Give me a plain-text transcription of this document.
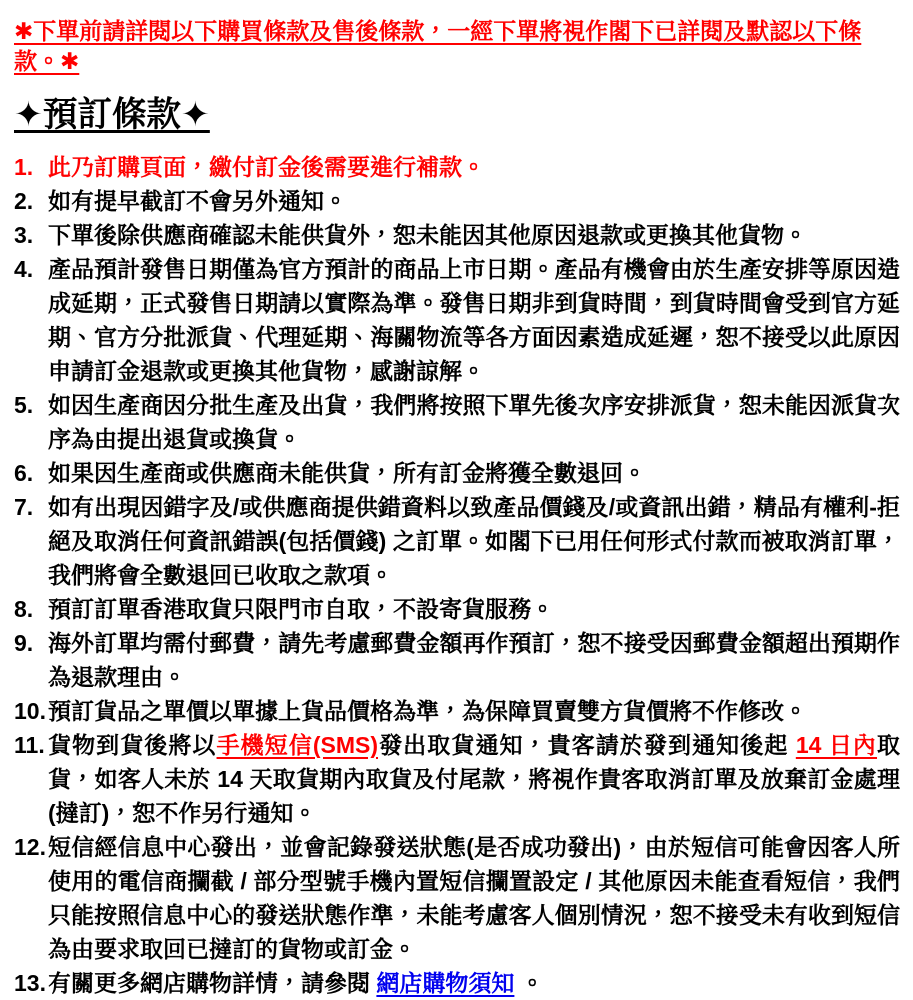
✱下單前請詳閱以下購買條款及售後條款，一經下單將視作閣下已詳閱及默認以下條款。✱

✦預訂條款✦
1. 此乃訂購頁面，繳付訂金後需要進行補款。

2. 如有提早截訂不會另外通知。

3. 下單後除供應商確認未能供貨外，恕未能因其他原因退款或更換其他貨物。

4. 產品預計發售日期僅為官方預計的商品上市日期。產品有機會由於生產安排等原因造成延期，正式發售日期請以實際為準。發售日期非到貨時間，到貨時間會受到官方延期、官方分批派貨、代理延期、海關物流等各方面因素造成延遲，恕不接受以此原因申請訂金退款或更換其他貨物，感謝諒解。

5. 如因生產商因分批生產及出貨，我們將按照下單先後次序安排派貨，恕未能因派貨次序為由提出退貨或換貨。

6. 如果因生產商或供應商未能供貨，所有訂金將獲全數退回。

7. 如有出現因錯字及/或供應商提供錯資料以致產品價錢及/或資訊出錯，精品有權利-拒絕及取消任何資訊錯誤(包括價錢) 之訂單。如閣下已用任何形式付款而被取消訂單，我們將會全數退回已收取之款項。

8. 預訂訂單香港取貨只限門市自取，不設寄貨服務。

9. 海外訂單均需付郵費，請先考慮郵費金額再作預訂，恕不接受因郵費金額超出預期作為退款理由。

10. 預訂貨品之單價以單據上貨品價格為準，為保障買賣雙方貨價將不作修改。

11. 貨物到貨後將以手機短信(SMS)發出取貨通知，貴客請於發到通知後起 14 日內取貨，如客人未於 14 天取貨期內取貨及付尾款，將視作貴客取消訂單及放棄訂金處理(撻訂)，恕不作另行通知。

12. 短信經信息中心發出，並會記錄發送狀態(是否成功發出)，由於短信可能會因客人所使用的電信商攔截 / 部分型號手機內置短信攔置設定 / 其他原因未能查看短信，我們只能按照信息中心的發送狀態作準，未能考慮客人個別情況，恕不接受未有收到短信為由要求取回已撻訂的貨物或訂金。

13. 有關更多網店購物詳情，請參閱 網店購物須知 。
